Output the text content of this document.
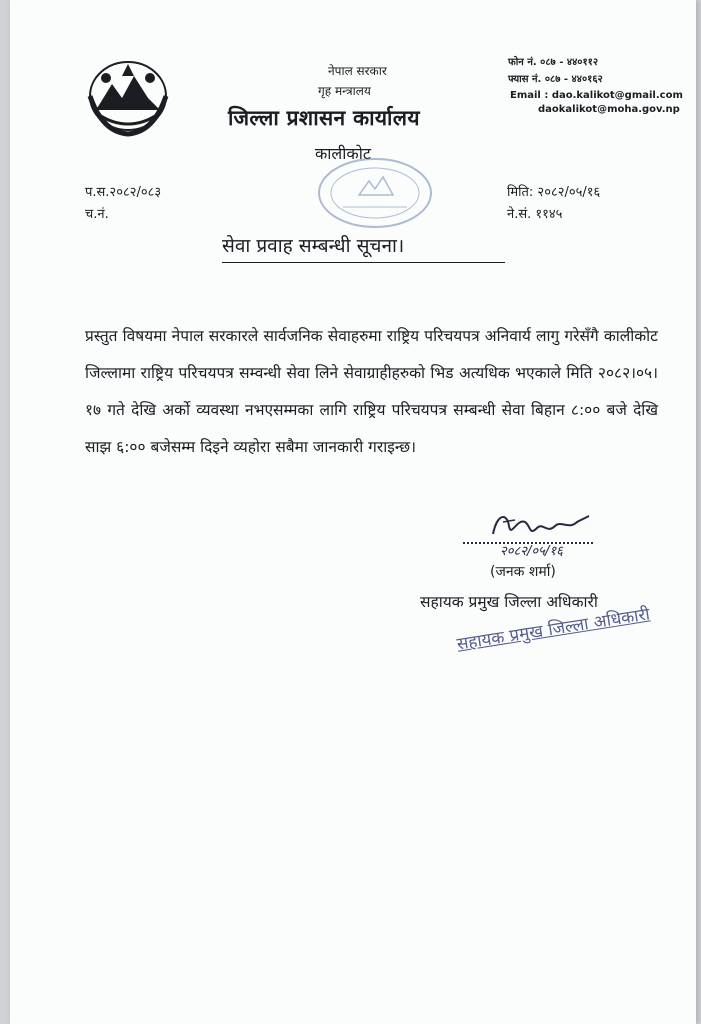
नेपाल सरकार
गृह मन्त्रालय
जिल्ला प्रशासन कार्यालय
कालीकोट
फोन नं. ०८७ - ४४०११२
फ्यास नं. ०८७ - ४४०१६२
Email : dao.kalikot@gmail.com
daokalikot@moha.gov.np
प.स.२०८२/०८३
च.नं.
मिति: २०८२/०५/१६
ने.सं. ११४५
सेवा प्रवाह सम्बन्धी सूचना।
प्रस्तुत विषयमा नेपाल सरकारले सार्वजनिक सेवाहरुमा राष्ट्रिय परिचयपत्र अनिवार्य लागु गरेसँगै कालीकोट जिल्लामा राष्ट्रिय परिचयपत्र सम्वन्धी सेवा लिने सेवाग्राहीहरुको भिड अत्यधिक भएकाले मिति २०८२।०५।१७ गते देखि अर्को व्यवस्था नभएसम्मका लागि राष्ट्रिय परिचयपत्र सम्बन्धी सेवा बिहान ८:०० बजे देखि साझ ६:०० बजेसम्म दिइने व्यहोरा सबैमा जानकारी गराइन्छ।
२०८२/०५/१६
(जनक शर्मा)
सहायक प्रमुख जिल्ला अधिकारी
सहायक प्रमुख जिल्ला अधिकारी
